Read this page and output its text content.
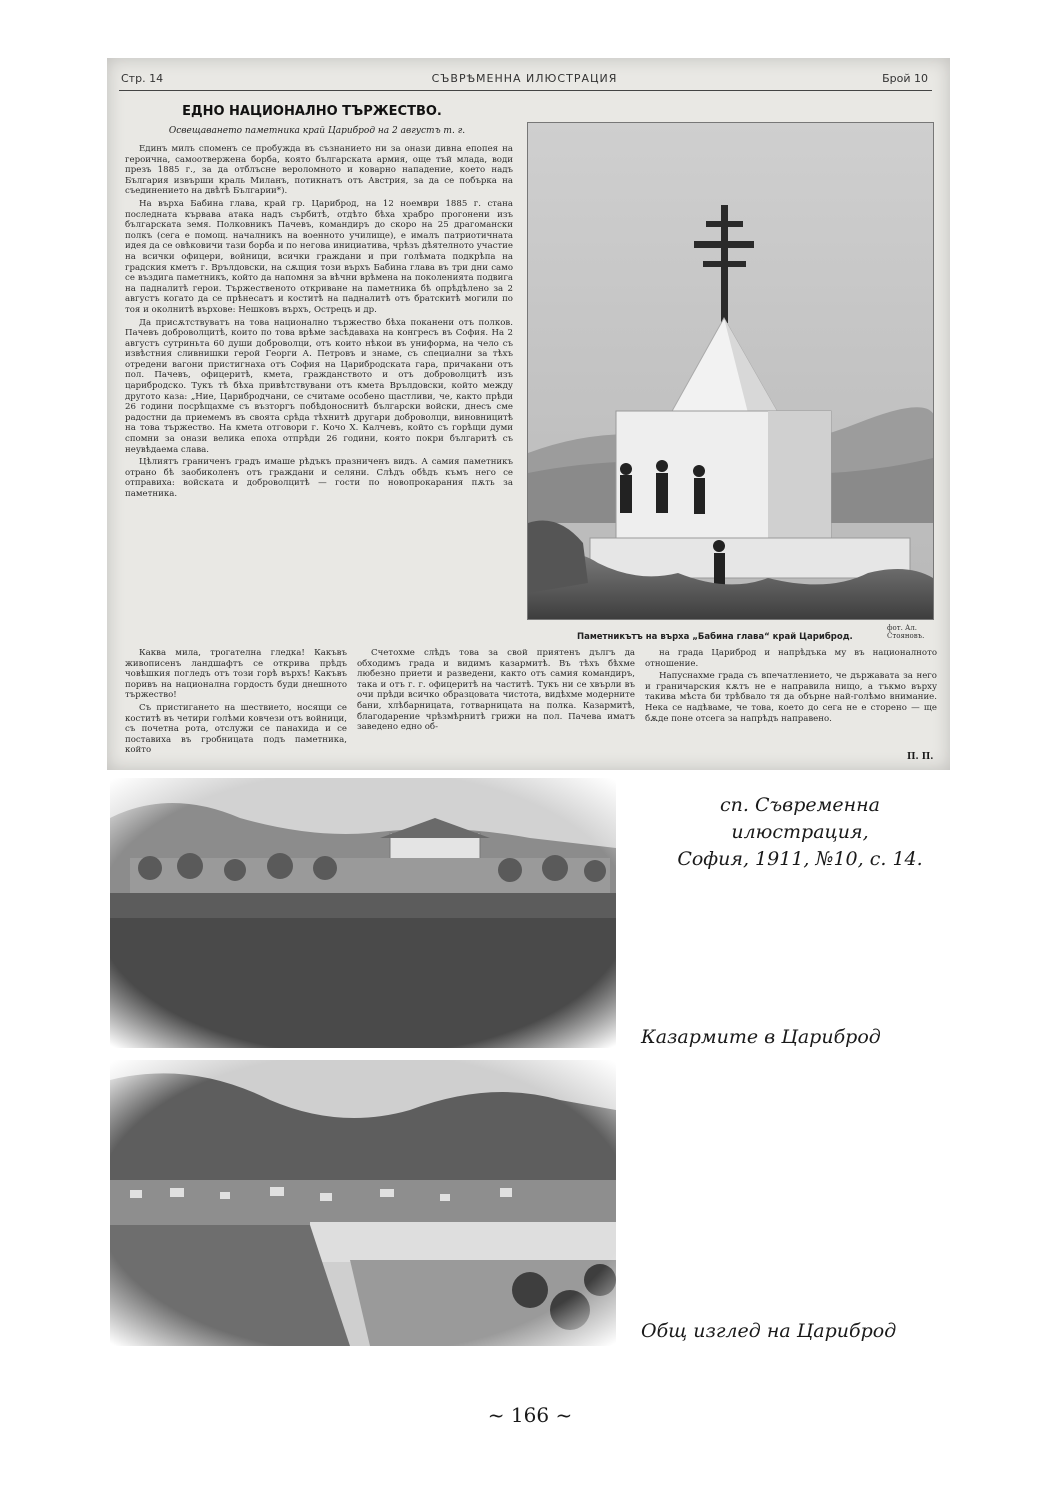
Стр. 14	СЪВРѢМЕННА ИЛЮСТРАЦИЯ	Брой 10
ЕДНО НАЦИОНАЛНО ТЪРЖЕСТВО.
Освещаването паметника край Цариброд на 2 августъ т. г.

Единъ милъ споменъ се пробужда въ съзнанието ни за онази дивна епопея на героична, самоотвержена борба, която българската армия, още тъй млада, води презъ 1885 г., за да отблъсне вероломното и коварно нападение, което надъ България извърши краль Миланъ, потикнатъ отъ Австрия, за да се побърка на съединението на двѣтѣ Българии*).

На върха Бабина глава, край гр. Цариброд, на 12 ноември 1885 г. стана последната кървава атака надъ сърбитѣ, отдѣто бѣха храбро прогонени изъ българската земя. Полковникъ Пачевъ, командиръ до скоро на 25 драгомански полкъ (сега е помощ. началникъ на военното училище), е ималъ патриотичната идея да се овѣковичи тази борба и по негова инициатива, чрѣзъ дѣятелното участие на всички офицери, войници, всички граждани и при голѣмата подкрѣпа на градския кметъ г. Врълдовски, на сѫщия този върхъ Бабина глава въ три дни само се въздига паметникъ, който да напомня за вѣчни врѣмена на поколенията подвига на падналитѣ герои. Тържественото откриване на паметника бѣ опрѣдѣлено за 2 августъ когато да се прѣнесатъ и коститѣ на падналитѣ отъ братскитѣ могили по тоя и околнитѣ върхове: Нешковъ върхъ, Острецъ и др.

Да присѫтствуватъ на това национално тържество бѣха поканени отъ полков. Пачевъ доброволцитѣ, които по това врѣме засѣдаваха на конгресъ въ София. На 2 августъ сутриньта 60 души доброволци, отъ които нѣкои въ униформа, на чело съ извѣстния сливнишки герой Георги А. Петровъ и знаме, съ специални за тѣхъ отредени вагони пристигнаха отъ София на Царибродската гара, причакани отъ пол. Пачевъ, офицеритѣ, кмета, гражданството и отъ доброволцитѣ изъ царибродско. Тукъ тѣ бѣха привѣтствувани отъ кмета Врълдовски, който между другото каза: „Ние, Царибродчани, се считаме особено щастливи, че, както прѣди 26 години посрѣщахме съ възторгъ побѣдоноснитѣ български войски, днесъ сме радостни да приемемъ въ своята срѣда тѣхнитѣ другари доброволци, виновницитѣ на това тържество. На кмета отговори г. Кочо Х. Калчевъ, който съ горѣщи думи спомни за онази велика епоха отпрѣди 26 години, която покри българитѣ съ неувѣдаема слава.

Цѣлиятъ граниченъ градъ имаше рѣдъкъ празниченъ видъ. А самия паметникъ отрано бѣ заобиколенъ отъ граждани и селяни. Слѣдъ обѣдъ къмъ него се отправиха: войската и доброволцитѣ — гости по новопрокарания пѫть за паметника.

фот. Ал. Стояновъ.
Паметникътъ на върха „Бабина глава“ край Цариброд.

Каква мила, трогателна гледка! Какъвъ живописенъ ландшафтъ се открива прѣдъ човѣшкия погледъ отъ този горѣ върхъ! Какъвъ поривъ на национална гордость буди днешното тържество!

Съ пристигането на шествието, носящи се коститѣ въ четири голѣми ковчези отъ войници, съ почетна рота, отслужи се панахида и се поставиха въ гробницата подъ паметника, който

Счетохме слѣдъ това за свой приятенъ дългъ да обходимъ града и видимъ казармитѣ. Въ тѣхъ бѣхме любезно приети и разведени, както отъ самия командиръ, така и отъ г. г. офицеритѣ на частитѣ. Тукъ ни се хвърли въ очи прѣди всичко образцовата чистота, видѣхме модерните бани, хлѣбарницата, готварницата на полка. Казармитѣ, благодарение чрѣзмѣрнитѣ грижи на пол. Пачева иматъ заведено едно об-

на града Цариброд и напрѣдъка му въ националното отношение.

Напуснахме града съ впечатлението, че държавата за него и граничарския кѫтъ не е направила нищо, а тъкмо върху такива мѣста би трѣбвало тя да обърне най-голѣмо внимание. Нека се надѣваме, че това, което до сега не е сторено — ще бѫде поне отсега за напрѣдъ направено.

П. П.
сп. Съвременна илюстрация,
София, 1911, №10, с. 14.
Казармите в Цариброд
Общ изглед на Цариброд
~ 166 ~
